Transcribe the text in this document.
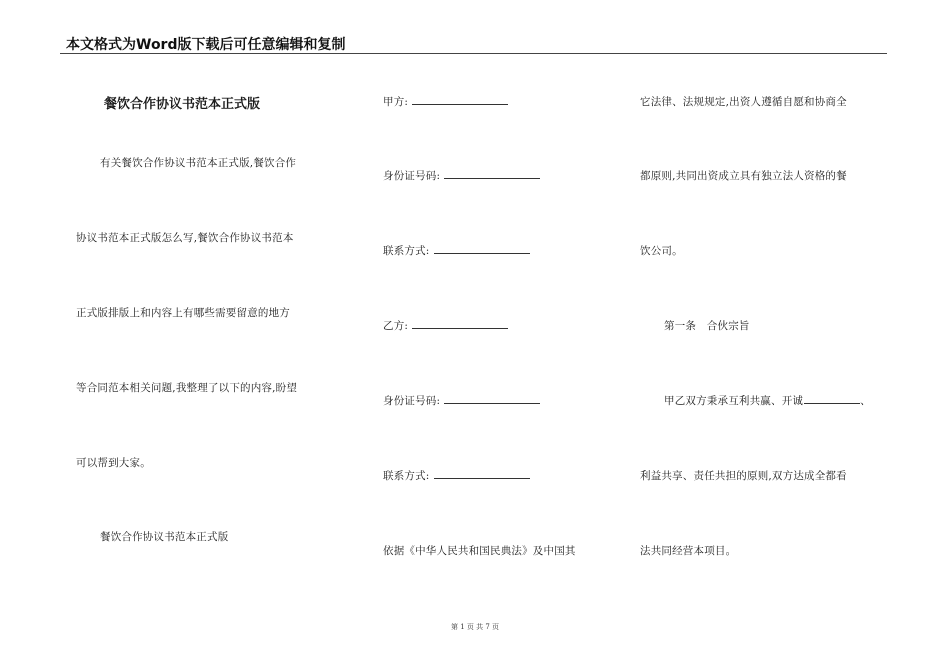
本文格式为Word版下载后可任意编辑和复制
餐饮合作协议书范本正式版
有关餐饮合作协议书范本正式版,餐饮合作
协议书范本正式版怎么写,餐饮合作协议书范本
正式版排版上和内容上有哪些需要留意的地方
等合同范本相关问题,我整理了以下的内容,盼望
可以帮到大家。
餐饮合作协议书范本正式版
甲方:
身份证号码:
联系方式:
乙方:
身份证号码:
联系方式:
依据《中华人民共和国民典法》及中国其
它法律、法规规定,出资人遵循自愿和协商全
都原则,共同出资成立具有独立法人资格的餐
饮公司。
第一条　合伙宗旨
甲乙双方秉承互利共赢、开诚	、
利益共享、责任共担的原则,双方达成全都看
法共同经营本项目。
第 1 页 共 7 页
